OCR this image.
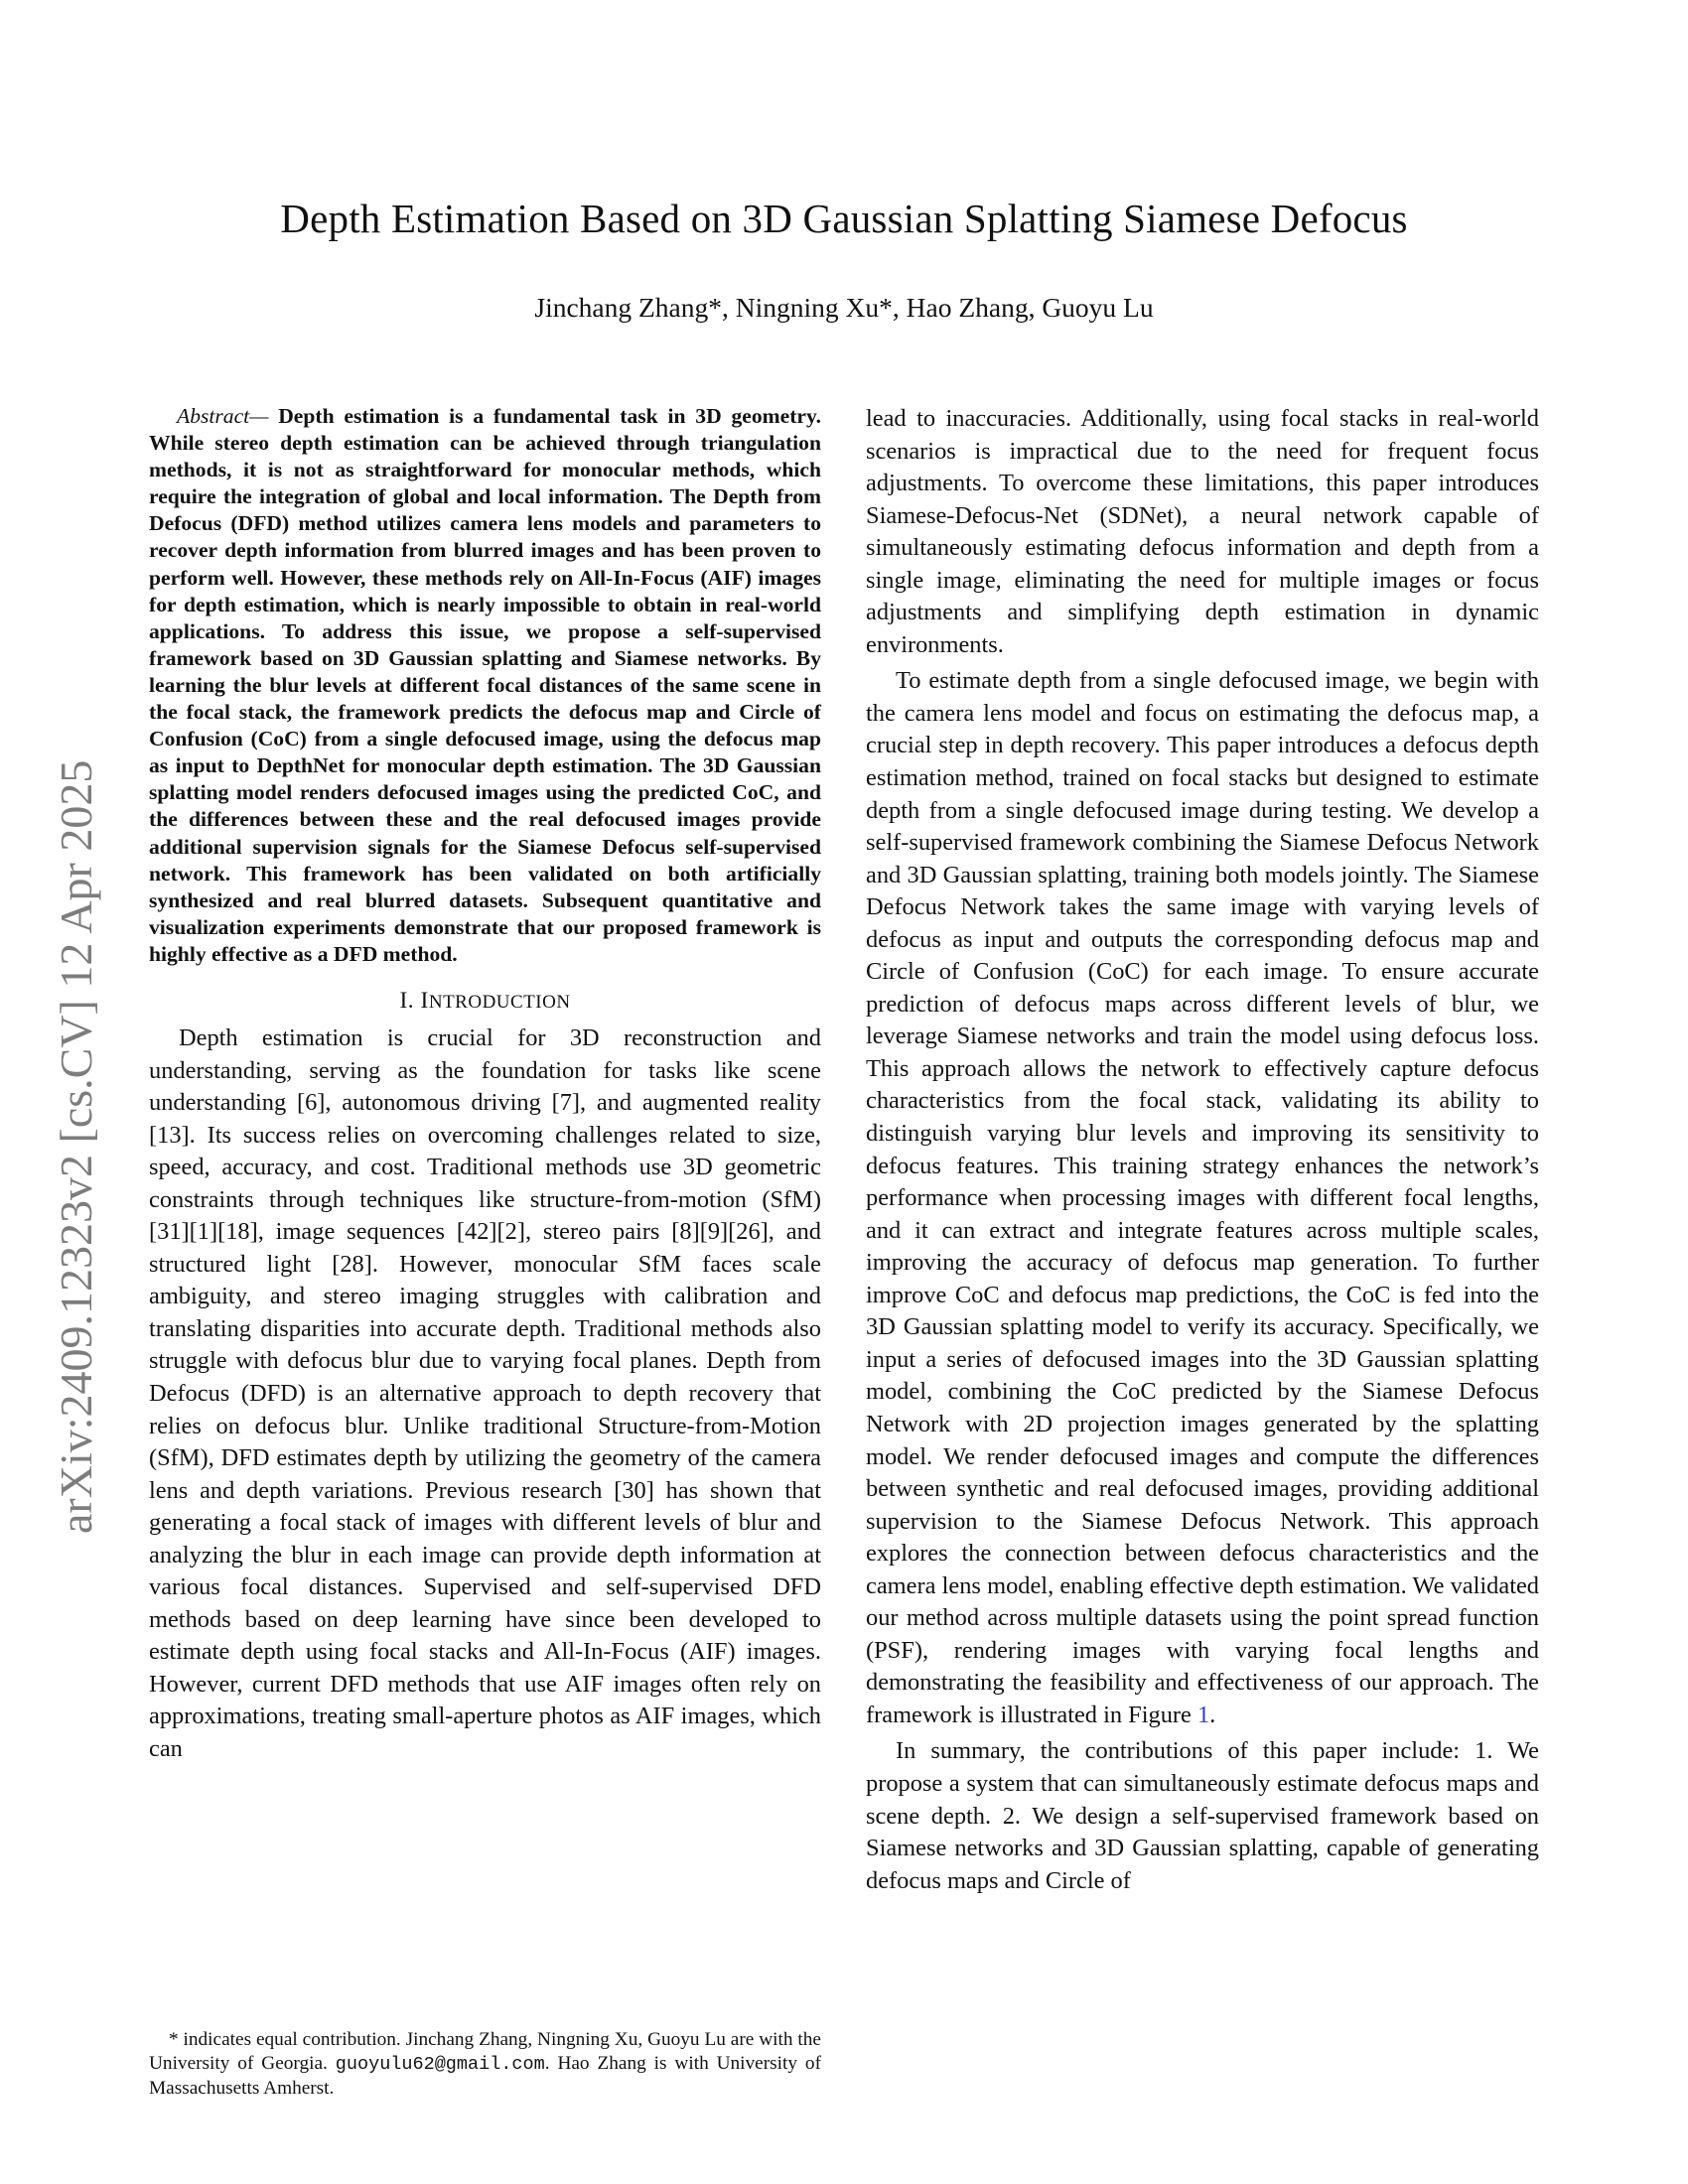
Depth Estimation Based on 3D Gaussian Splatting Siamese Defocus
Jinchang Zhang*, Ningning Xu*, Hao Zhang, Guoyu Lu
arXiv:2409.12323v2 [cs.CV] 12 Apr 2025

Abstract— Depth estimation is a fundamental task in 3D geometry. While stereo depth estimation can be achieved through triangulation methods, it is not as straightforward for monocular methods, which require the integration of global and local information. The Depth from Defocus (DFD) method utilizes camera lens models and parameters to recover depth information from blurred images and has been proven to perform well. However, these methods rely on All-In-Focus (AIF) images for depth estimation, which is nearly impossible to obtain in real-world applications. To address this issue, we propose a self-supervised framework based on 3D Gaussian splatting and Siamese networks. By learning the blur levels at different focal distances of the same scene in the focal stack, the framework predicts the defocus map and Circle of Confusion (CoC) from a single defocused image, using the defocus map as input to DepthNet for monocular depth estimation. The 3D Gaussian splatting model renders defocused images using the predicted CoC, and the differences between these and the real defocused images provide additional supervision signals for the Siamese Defocus self-supervised network. This framework has been validated on both artificially synthesized and real blurred datasets. Subsequent quantitative and visualization experiments demonstrate that our proposed framework is highly effective as a DFD method.

I. INTRODUCTION

Depth estimation is crucial for 3D reconstruction and understanding, serving as the foundation for tasks like scene understanding [6], autonomous driving [7], and augmented reality [13]. Its success relies on overcoming challenges related to size, speed, accuracy, and cost. Traditional methods use 3D geometric constraints through techniques like structure-from-motion (SfM) [31][1][18], image sequences [42][2], stereo pairs [8][9][26], and structured light [28]. However, monocular SfM faces scale ambiguity, and stereo imaging struggles with calibration and translating disparities into accurate depth. Traditional methods also struggle with defocus blur due to varying focal planes. Depth from Defocus (DFD) is an alternative approach to depth recovery that relies on defocus blur. Unlike traditional Structure-from-Motion (SfM), DFD estimates depth by utilizing the geometry of the camera lens and depth variations. Previous research [30] has shown that generating a focal stack of images with different levels of blur and analyzing the blur in each image can provide depth information at various focal distances. Supervised and self-supervised DFD methods based on deep learning have since been developed to estimate depth using focal stacks and All-In-Focus (AIF) images. However, current DFD methods that use AIF images often rely on approximations, treating small-aperture photos as AIF images, which can

* indicates equal contribution. Jinchang Zhang, Ningning Xu, Guoyu Lu are with the University of Georgia. guoyulu62@gmail.com. Hao Zhang is with University of Massachusetts Amherst.

lead to inaccuracies. Additionally, using focal stacks in real-world scenarios is impractical due to the need for frequent focus adjustments. To overcome these limitations, this paper introduces Siamese-Defocus-Net (SDNet), a neural network capable of simultaneously estimating defocus information and depth from a single image, eliminating the need for multiple images or focus adjustments and simplifying depth estimation in dynamic environments.

To estimate depth from a single defocused image, we begin with the camera lens model and focus on estimating the defocus map, a crucial step in depth recovery. This paper introduces a defocus depth estimation method, trained on focal stacks but designed to estimate depth from a single defocused image during testing. We develop a self-supervised framework combining the Siamese Defocus Network and 3D Gaussian splatting, training both models jointly. The Siamese Defocus Network takes the same image with varying levels of defocus as input and outputs the corresponding defocus map and Circle of Confusion (CoC) for each image. To ensure accurate prediction of defocus maps across different levels of blur, we leverage Siamese networks and train the model using defocus loss. This approach allows the network to effectively capture defocus characteristics from the focal stack, validating its ability to distinguish varying blur levels and improving its sensitivity to defocus features. This training strategy enhances the network’s performance when processing images with different focal lengths, and it can extract and integrate features across multiple scales, improving the accuracy of defocus map generation. To further improve CoC and defocus map predictions, the CoC is fed into the 3D Gaussian splatting model to verify its accuracy. Specifically, we input a series of defocused images into the 3D Gaussian splatting model, combining the CoC predicted by the Siamese Defocus Network with 2D projection images generated by the splatting model. We render defocused images and compute the differences between synthetic and real defocused images, providing additional supervision to the Siamese Defocus Network. This approach explores the connection between defocus characteristics and the camera lens model, enabling effective depth estimation. We validated our method across multiple datasets using the point spread function (PSF), rendering images with varying focal lengths and demonstrating the feasibility and effectiveness of our approach. The framework is illustrated in Figure 1.

In summary, the contributions of this paper include: 1. We propose a system that can simultaneously estimate defocus maps and scene depth. 2. We design a self-supervised framework based on Siamese networks and 3D Gaussian splatting, capable of generating defocus maps and Circle of
